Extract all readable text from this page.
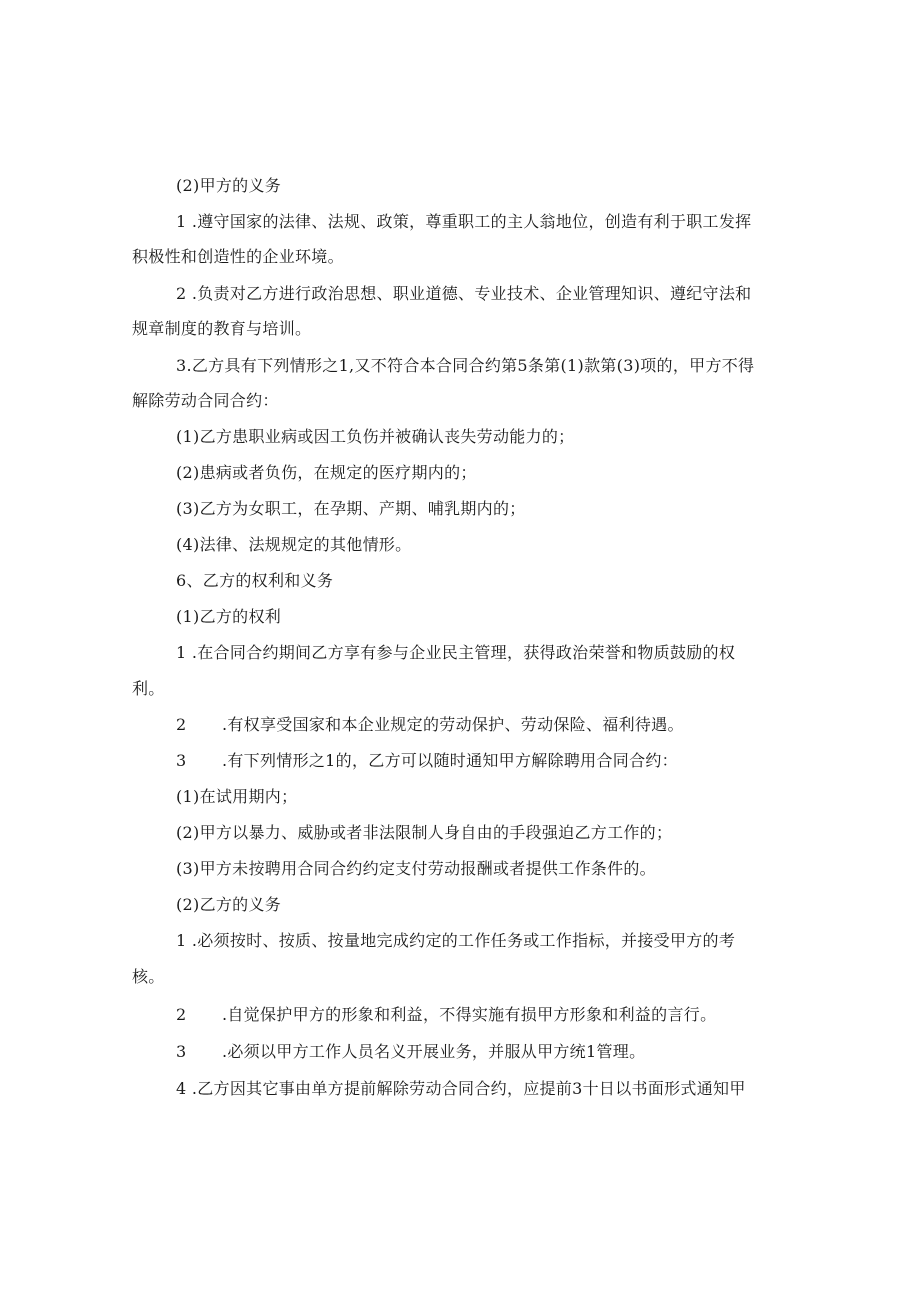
(2)甲方的义务
1 .遵守国家的法律、法规、政策，尊重职工的主人翁地位，创造有利于职工发挥
积极性和创造性的企业环境。
2 .负责对乙方进行政治思想、职业道德、专业技术、企业管理知识、遵纪守法和
规章制度的教育与培训。
3.乙方具有下列情形之1,又不符合本合同合约第5条第(1)款第(3)项的，甲方不得
解除劳动合同合约：
(1)乙方患职业病或因工负伤并被确认丧失劳动能力的；
(2)患病或者负伤，在规定的医疗期内的；
(3)乙方为女职工，在孕期、产期、哺乳期内的；
(4)法律、法规规定的其他情形。
6、乙方的权利和义务
(1)乙方的权利
1 .在合同合约期间乙方享有参与企业民主管理，获得政治荣誉和物质鼓励的权
利。
2 .有权享受国家和本企业规定的劳动保护、劳动保险、福利待遇。
3 .有下列情形之1的，乙方可以随时通知甲方解除聘用合同合约：
(1)在试用期内；
(2)甲方以暴力、威胁或者非法限制人身自由的手段强迫乙方工作的；
(3)甲方未按聘用合同合约约定支付劳动报酬或者提供工作条件的。
(2)乙方的义务
1 .必须按时、按质、按量地完成约定的工作任务或工作指标，并接受甲方的考
核。
2 .自觉保护甲方的形象和利益，不得实施有损甲方形象和利益的言行。
3 .必须以甲方工作人员名义开展业务，并服从甲方统1管理。
4 .乙方因其它事由单方提前解除劳动合同合约，应提前3十日以书面形式通知甲
